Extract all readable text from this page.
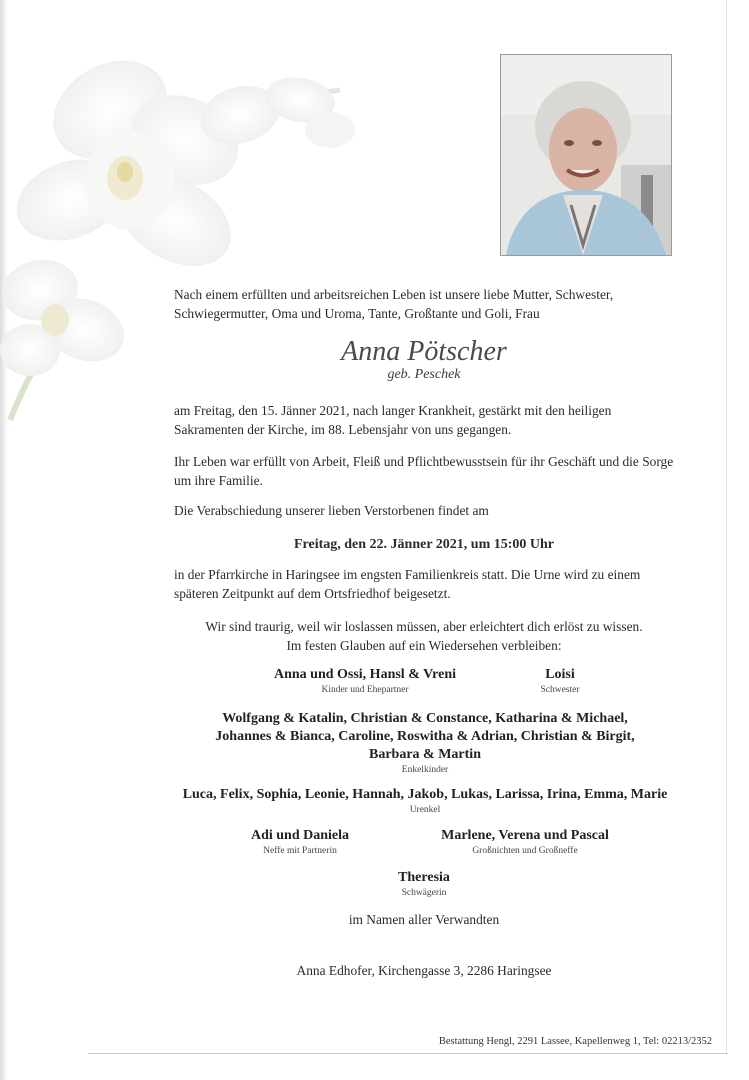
Nach einem erfüllten und arbeitsreichen Leben ist unsere liebe Mutter, Schwester, Schwiegermutter, Oma und Uroma, Tante, Großtante und Goli, Frau
Anna Pötscher
geb. Peschek
am Freitag, den 15. Jänner 2021, nach langer Krankheit, gestärkt mit den heiligen Sakramenten der Kirche, im 88. Lebensjahr von uns gegangen.
Ihr Leben war erfüllt von Arbeit, Fleiß und Pflichtbewusstsein für ihr Geschäft und die Sorge um ihre Familie.
Die Verabschiedung unserer lieben Verstorbenen findet am
Freitag, den 22. Jänner 2021, um 15:00 Uhr
in der Pfarrkirche in Haringsee im engsten Familienkreis statt. Die Urne wird zu einem späteren Zeitpunkt auf dem Ortsfriedhof beigesetzt.
Wir sind traurig, weil wir loslassen müssen, aber erleichtert dich erlöst zu wissen.
Im festen Glauben auf ein Wiedersehen verbleiben:
Anna und Ossi, Hansl & Vreni
Kinder und Ehepartner
Loisi
Schwester
Wolfgang & Katalin, Christian & Constance, Katharina & Michael,
Johannes & Bianca, Caroline, Roswitha & Adrian, Christian & Birgit,
Barbara & Martin
Enkelkinder
Luca, Felix, Sophia, Leonie, Hannah, Jakob, Lukas, Larissa, Irina, Emma, Marie
Urenkel
Adi und Daniela
Neffe mit Partnerin
Marlene, Verena und Pascal
Großnichten und Großneffe
Theresia
Schwägerin
im Namen aller Verwandten
Anna Edhofer, Kirchengasse 3, 2286 Haringsee
Bestattung Hengl, 2291 Lassee, Kapellenweg 1, Tel: 02213/2352
